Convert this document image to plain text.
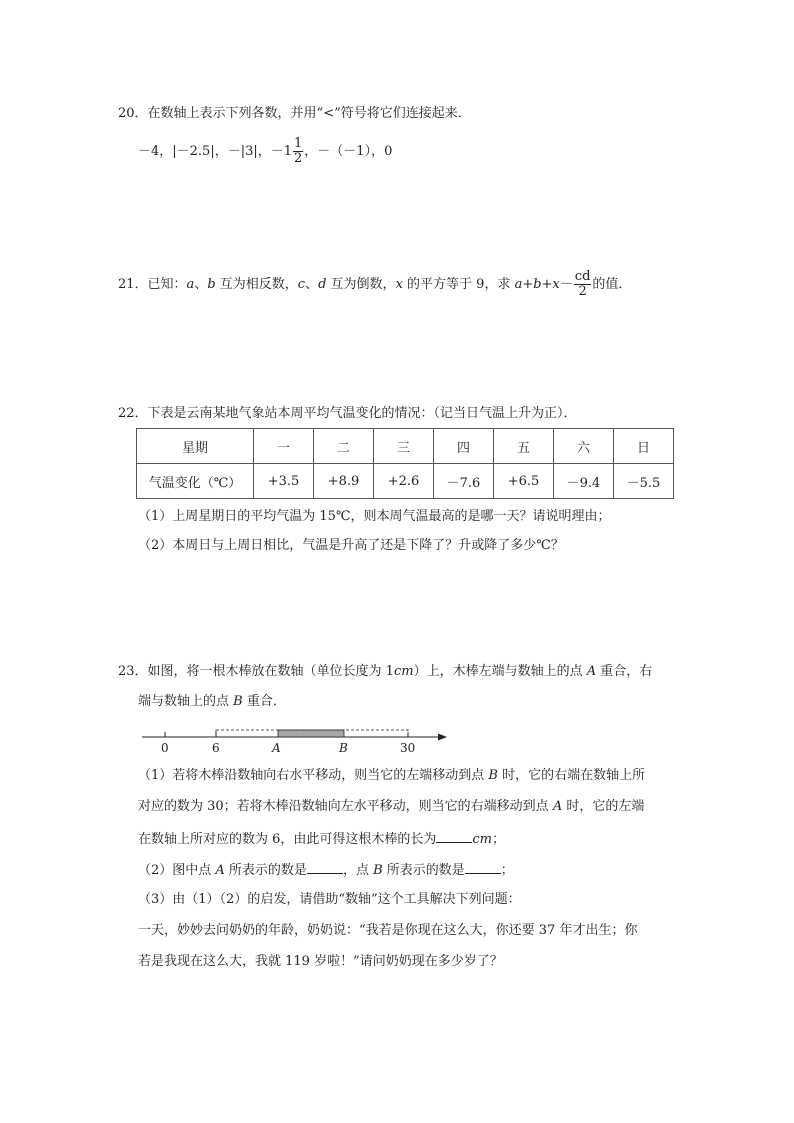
20．在数轴上表示下列各数，并用“<”符号将它们连接起来．
－4，|－2.5|，－|3|，$-1 \frac{1}{2}$ ，－（－1），0
21．已知：a、b 互为相反数，c、d 互为倒数，x 的平方等于 9，求 $a+b+x- \frac{cd}{2}$ 的值．
22．下表是云南某地气象站本周平均气温变化的情况：（记当日气温上升为正）．
星期	一	二	三	四	五	六	日
气温变化（℃）	+3.5	+8.9	+2.6	－7.6	+6.5	－9.4	－5.5
（1）上周星期日的平均气温为 15℃，则本周气温最高的是哪一天？请说明理由；
（2）本周日与上周日相比，气温是升高了还是下降了？升或降了多少℃？
23．如图，将一根木棒放在数轴（单位长度为 1cm）上，木棒左端与数轴上的点 A 重合，右
端与数轴上的点 B 重合．
0	6	A	B	30
（1）若将木棒沿数轴向右水平移动，则当它的左端移动到点 B 时，它的右端在数轴上所
对应的数为 30；若将木棒沿数轴向左水平移动，则当它的右端移动到点 A 时，它的左端
在数轴上所对应的数为 6，由此可得这根木棒的长为	cm；
（2）图中点 A 所表示的数是	，点 B 所表示的数是	；
（3）由（1）（2）的启发，请借助“数轴”这个工具解决下列问题：
一天，妙妙去问奶奶的年龄，奶奶说：“我若是你现在这么大，你还要 37 年才出生；你
若是我现在这么大，我就 119 岁啦！”请问奶奶现在多少岁了？
